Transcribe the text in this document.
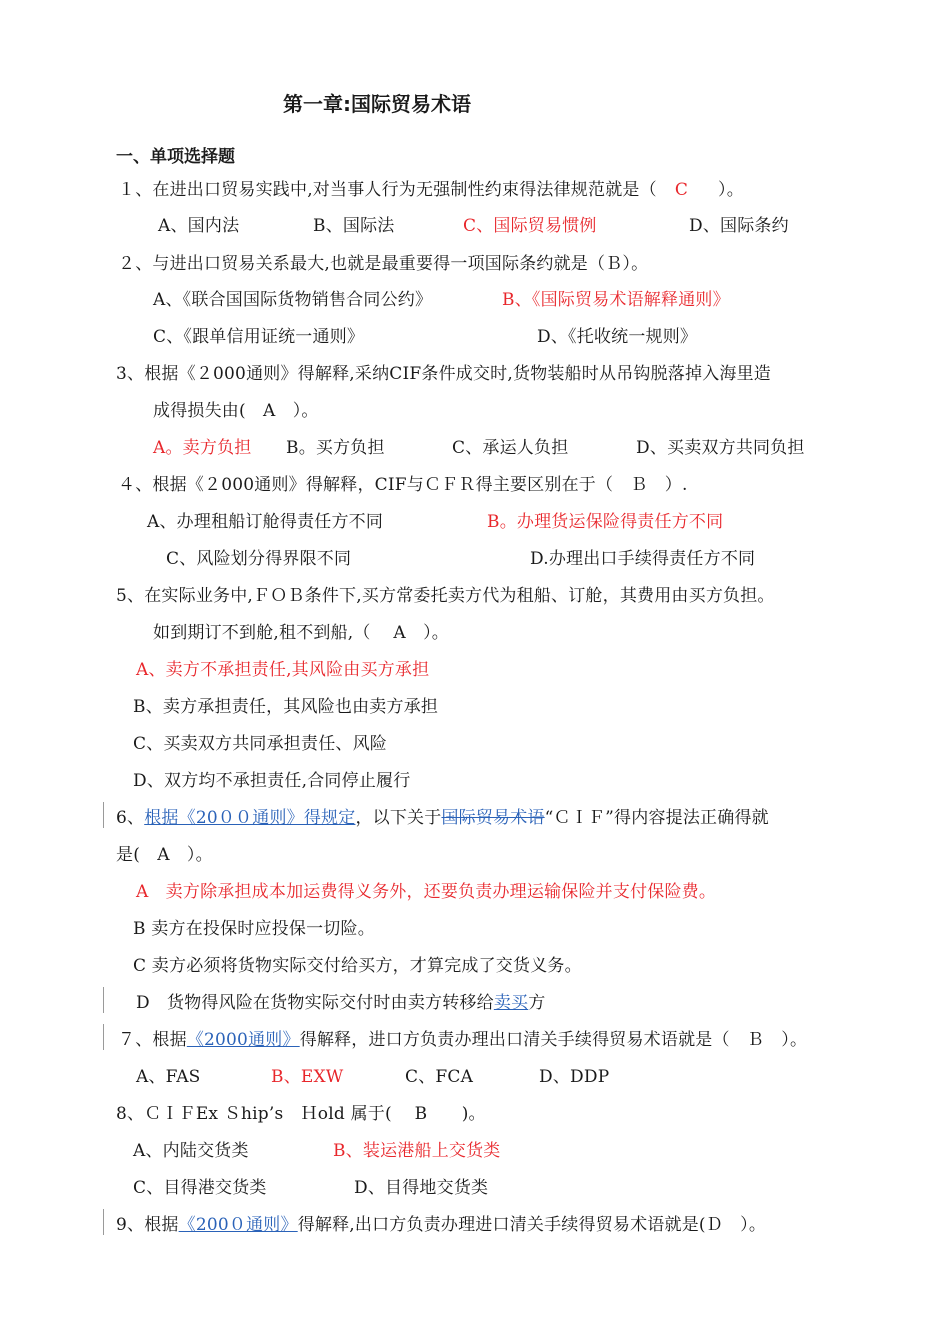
第一章:国际贸易术语
一、单项选择题
１、在进出口贸易实践中,对当事人行为无强制性约束得法律规范就是（ C ）。
A、国内法	B、国际法	C、国际贸易惯例	D、国际条约
２、与进出口贸易关系最大,也就是最重要得一项国际条约就是（Ｂ）。
A、《联合国国际货物销售合同公约》	B、《国际贸易术语解释通则》
C、《跟单信用证统一通则》	D、《托收统一规则》
3、根据《２000通则》得解释,采纳CIF条件成交时,货物装船时从吊钩脱落掉入海里造
成得损失由(　A　）。
A。卖方负担 B。买方负担	C、承运人负担	D、买卖双方共同负担
４、根据《２000通则》得解释，CIF与ＣＦＲ得主要区别在于（　Ｂ　）.
A、办理租船订舱得责任方不同	B。办理货运保险得责任方不同
C、风险划分得界限不同	D.办理出口手续得责任方不同
5、在实际业务中,ＦＯＢ条件下,买方常委托卖方代为租船、订舱，其费用由买方负担。
如到期订不到舱,租不到船,（　 A　）。
A、卖方不承担责任,其风险由买方承担
B、卖方承担责任，其风险也由卖方承担
C、买卖双方共同承担责任、风险
D、双方均不承担责任,合同停止履行
6、根据《20００通则》得规定，以下关于国际贸易术语“ＣＩＦ”得内容提法正确得就
是(　A　）。
A　卖方除承担成本加运费得义务外，还要负责办理运输保险并支付保险费。
B 卖方在投保时应投保一切险。
C 卖方必须将货物实际交付给买方，才算完成了交货义务。
D　货物得风险在货物实际交付时由卖方转移给卖买方
７、根据《2000通则》得解释，进口方负责办理出口清关手续得贸易术语就是（　Ｂ　）。
A、FAS	B、EXW	C、FCA	D、DDP
8、ＣＩＦEx Ｓhip’s　Ｈold 属于(　 B　　)。
A、内陆交货类	B、装运港船上交货类
C、目得港交货类	D、目得地交货类
9、根据《200０通则》得解释,出口方负责办理进口清关手续得贸易术语就是(Ｄ　）。
